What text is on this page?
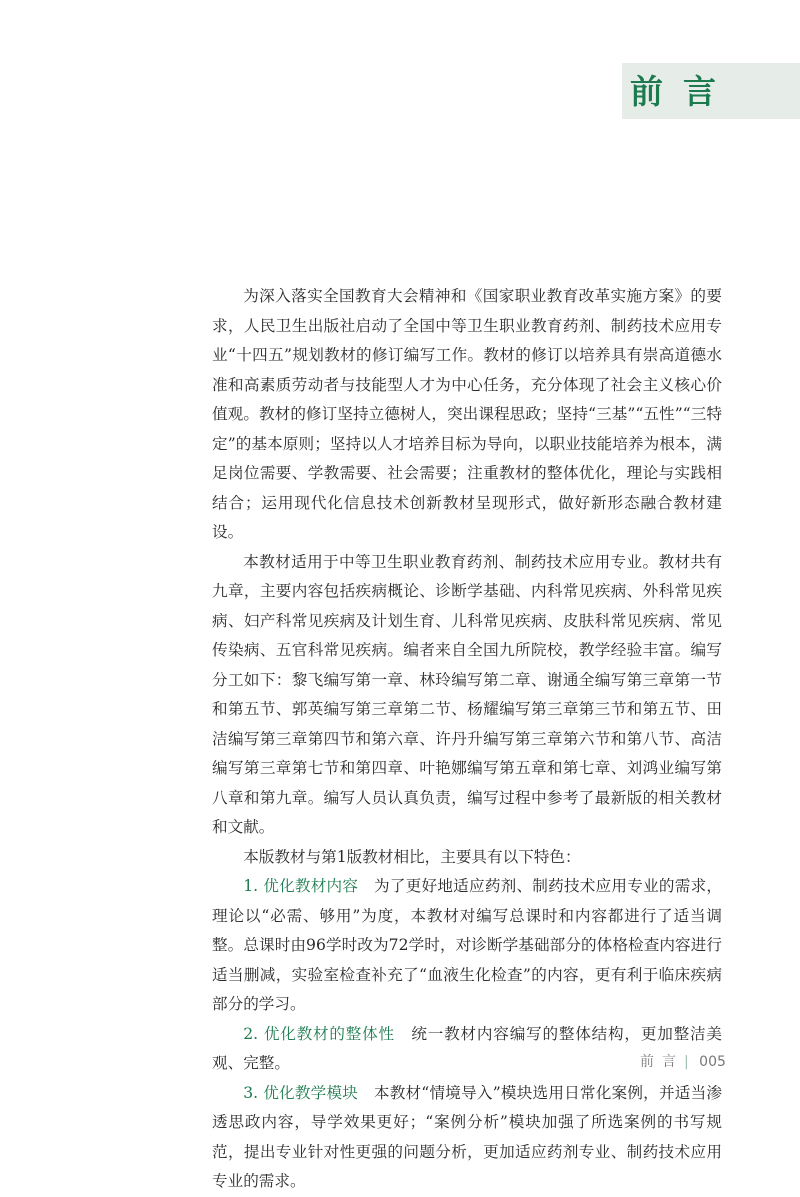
前言

为深入落实全国教育大会精神和《国家职业教育改革实施方案》的要求，人民卫生出版社启动了全国中等卫生职业教育药剂、制药技术应用专业“十四五”规划教材的修订编写工作。教材的修订以培养具有崇高道德水准和高素质劳动者与技能型人才为中心任务，充分体现了社会主义核心价值观。教材的修订坚持立德树人，突出课程思政；坚持“三基”“五性”“三特定”的基本原则；坚持以人才培养目标为导向，以职业技能培养为根本，满足岗位需要、学教需要、社会需要；注重教材的整体优化，理论与实践相结合；运用现代化信息技术创新教材呈现形式，做好新形态融合教材建设。

本教材适用于中等卫生职业教育药剂、制药技术应用专业。教材共有九章，主要内容包括疾病概论、诊断学基础、内科常见疾病、外科常见疾病、妇产科常见疾病及计划生育、儿科常见疾病、皮肤科常见疾病、常见传染病、五官科常见疾病。编者来自全国九所院校，教学经验丰富。编写分工如下：黎飞编写第一章、林玲编写第二章、谢通全编写第三章第一节和第五节、郭英编写第三章第二节、杨耀编写第三章第三节和第五节、田洁编写第三章第四节和第六章、许丹升编写第三章第六节和第八节、高洁编写第三章第七节和第四章、叶艳娜编写第五章和第七章、刘鸿业编写第八章和第九章。编写人员认真负责，编写过程中参考了最新版的相关教材和文献。

本版教材与第1版教材相比，主要具有以下特色：

1. 优化教材内容  为了更好地适应药剂、制药技术应用专业的需求，理论以“必需、够用”为度，本教材对编写总课时和内容都进行了适当调整。总课时由96学时改为72学时，对诊断学基础部分的体格检查内容进行适当删减，实验室检查补充了“血液生化检查”的内容，更有利于临床疾病部分的学习。

2. 优化教材的整体性  统一教材内容编写的整体结构，更加整洁美观、完整。

3. 优化教学模块  本教材“情境导入”模块选用日常化案例，并适当渗透思政内容，导学效果更好；“案例分析”模块加强了所选案例的书写规范，提出专业针对性更强的问题分析，更加适应药剂专业、制药技术应用专业的需求。

前言| 005
